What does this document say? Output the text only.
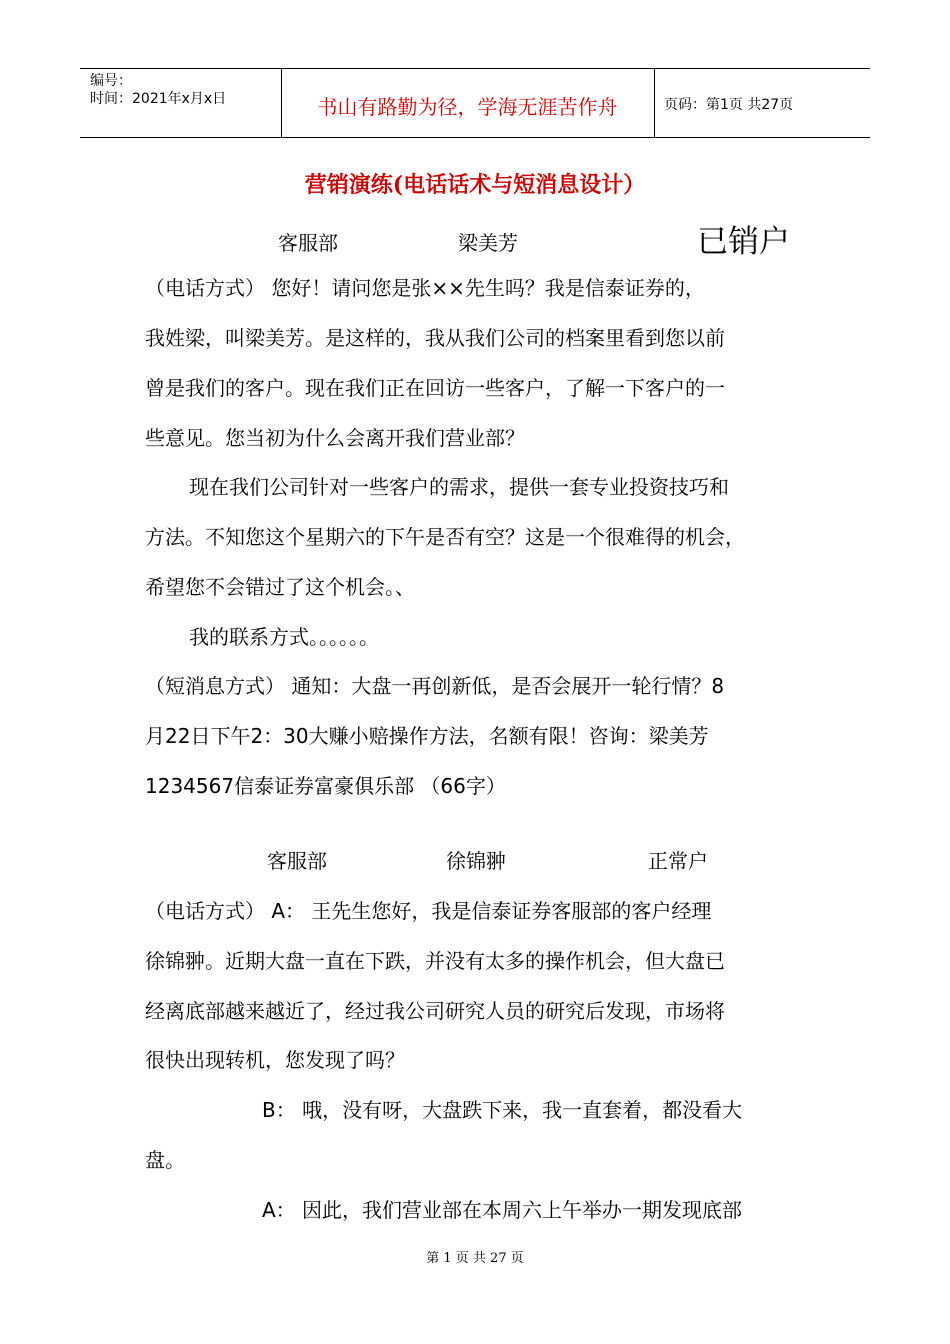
编号：
时间：2021年x月x日	书山有路勤为径，学海无涯苦作舟	页码：第1页 共27页
营销演练(电话话术与短消息设计）
客服部	梁美芳	已销户
（电话方式） 您好！请问您是张××先生吗？我是信泰证券的，
我姓梁，叫梁美芳。是这样的，我从我们公司的档案里看到您以前
曾是我们的客户。现在我们正在回访一些客户，了解一下客户的一
些意见。您当初为什么会离开我们营业部？
现在我们公司针对一些客户的需求，提供一套专业投资技巧和
方法。不知您这个星期六的下午是否有空？这是一个很难得的机会，
希望您不会错过了这个机会。、
我的联系方式。。。。。。
（短消息方式） 通知：大盘一再创新低，是否会展开一轮行情？8
月22日下午2：30大赚小赔操作方法，名额有限！咨询：梁美芳
1234567信泰证券富豪俱乐部 （66字）
客服部	徐锦翀	正常户
（电话方式） A： 王先生您好，我是信泰证券客服部的客户经理
徐锦翀。近期大盘一直在下跌，并没有太多的操作机会，但大盘已
经离底部越来越近了，经过我公司研究人员的研究后发现，市场将
很快出现转机，您发现了吗？
B： 哦，没有呀，大盘跌下来，我一直套着，都没看大
盘。
A： 因此，我们营业部在本周六上午举办一期发现底部
第 1 页 共 27 页
